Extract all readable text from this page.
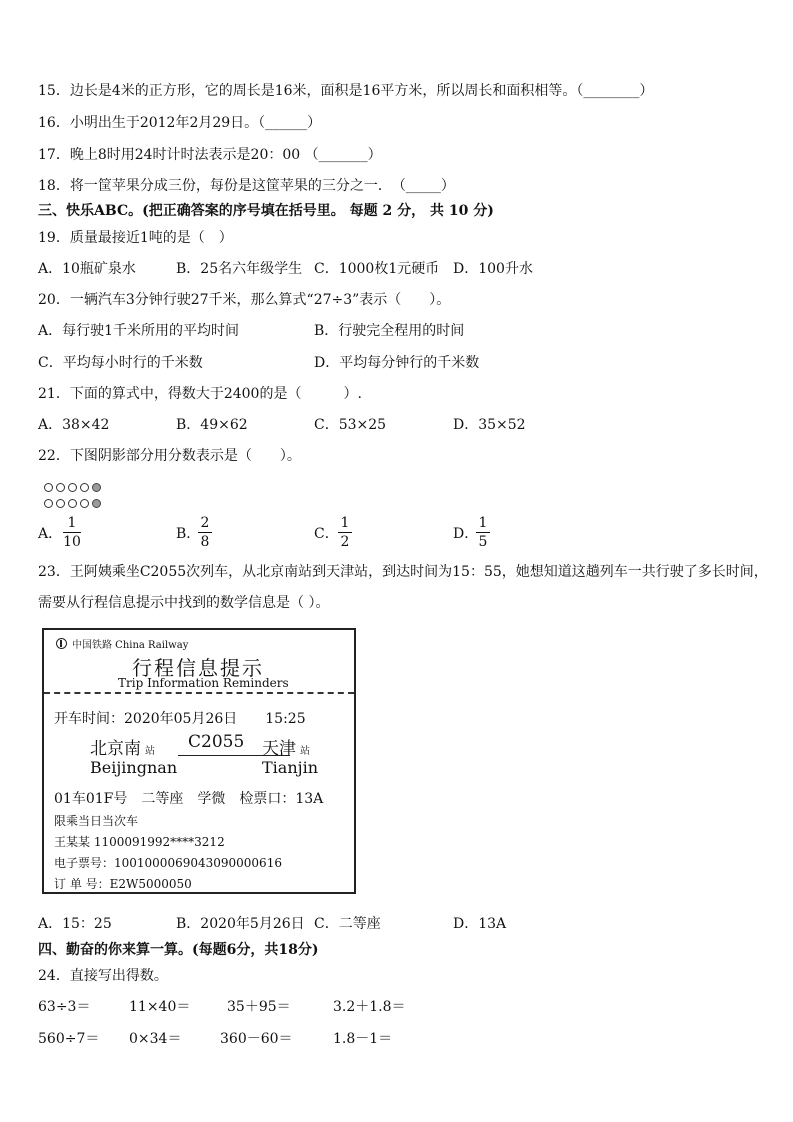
15．边长是4米的正方形，它的周长是16米，面积是16平方米，所以周长和面积相等。（________）
16．小明出生于2012年2月29日。（______）
17．晚上8时用24时计时法表示是20：00 （_______）
18．将一筐苹果分成三份，每份是这筐苹果的三分之一．　（_____）
三、快乐ABC。(把正确答案的序号填在括号里。 每题 2 分， 共 10 分)
19．质量最接近1吨的是（　）
A．10瓶矿泉水	B．25名六年级学生 C．1000枚1元硬币 D．100升水
20．一辆汽车3分钟行驶27千米，那么算式“27÷3”表示（　　）。
A．每行驶1千米所用的平均时间	B．行驶完全程用的时间
C．平均每小时行的千米数	D．平均每分钟行的千米数
21．下面的算式中，得数大于2400的是（　　　）.
A．38×42	B．49×62	C．53×25	D．35×52
22．下图阴影部分用分数表示是（　　）。
A．
1
10	B．
2
8	C．
1
2	D．
1
5
23．王阿姨乘坐C2055次列车，从北京南站到天津站，到达时间为15：55，她想知道这趟列车一共行驶了多长时间，
需要从行程信息提示中找到的数学信息是（ ）。
中国铁路 China Railway
行程信息提示
Trip Information Reminders
开车时间：2020年05月26日　　15:25
北京南 站 C2055 天津 站
Beijingnan	Tianjin
01车01F号　二等座　学微　检票口：13A
限乘当日当次车
王某某 1100091992****3212
电子票号：1001000069043090000616
订 单 号：E2W5000050
A．15：25	B．2020年5月26日 C．二等座	D．13A
四、勤奋的你来算一算。(每题6分，共18分)
24．直接写出得数。
63÷3＝	11×40＝	35＋95＝	3.2＋1.8＝
560÷7＝ 0×34＝	360－60＝	1.8－1＝
